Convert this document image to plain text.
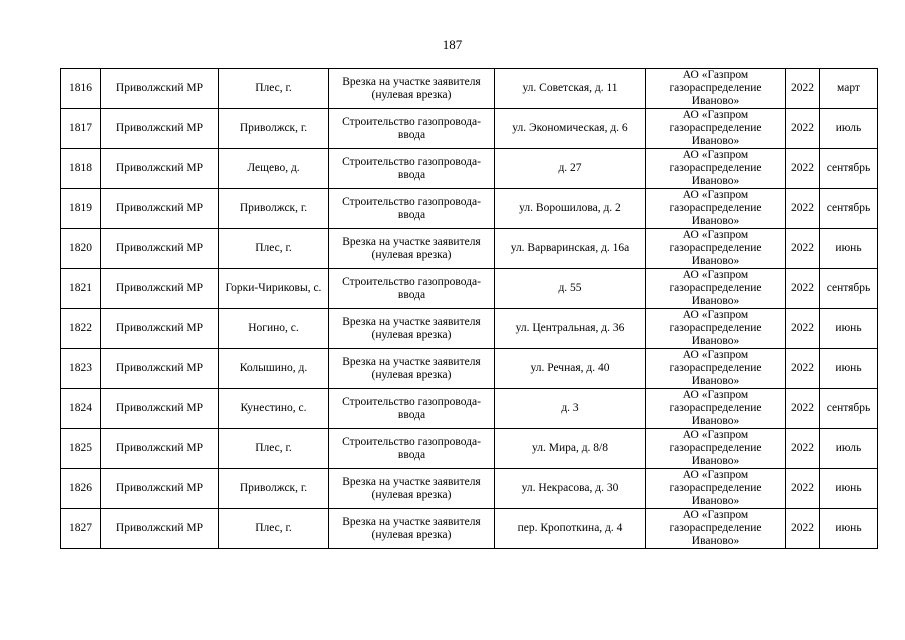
187
1816	Приволжский МР	Плес, г.	Врезка на участке заявителя (нулевая врезка)	ул. Советская, д. 11	АО «Газпром газораспределение Иваново»	2022	март
1817	Приволжский МР	Приволжск, г.	Строительство газопровода-ввода	ул. Экономическая, д. 6	АО «Газпром газораспределение Иваново»	2022	июль
1818	Приволжский МР	Лещево, д.	Строительство газопровода-ввода	д. 27	АО «Газпром газораспределение Иваново»	2022	сентябрь
1819	Приволжский МР	Приволжск, г.	Строительство газопровода-ввода	ул. Ворошилова, д. 2	АО «Газпром газораспределение Иваново»	2022	сентябрь
1820	Приволжский МР	Плес, г.	Врезка на участке заявителя (нулевая врезка)	ул. Варваринская, д. 16а	АО «Газпром газораспределение Иваново»	2022	июнь
1821	Приволжский МР	Горки-Чириковы, с.	Строительство газопровода-ввода	д. 55	АО «Газпром газораспределение Иваново»	2022	сентябрь
1822	Приволжский МР	Ногино, с.	Врезка на участке заявителя (нулевая врезка)	ул. Центральная, д. 36	АО «Газпром газораспределение Иваново»	2022	июнь
1823	Приволжский МР	Колышино, д.	Врезка на участке заявителя (нулевая врезка)	ул. Речная, д. 40	АО «Газпром газораспределение Иваново»	2022	июнь
1824	Приволжский МР	Кунестино, с.	Строительство газопровода-ввода	д. 3	АО «Газпром газораспределение Иваново»	2022	сентябрь
1825	Приволжский МР	Плес, г.	Строительство газопровода-ввода	ул. Мира, д. 8/8	АО «Газпром газораспределение Иваново»	2022	июль
1826	Приволжский МР	Приволжск, г.	Врезка на участке заявителя (нулевая врезка)	ул. Некрасова, д. 30	АО «Газпром газораспределение Иваново»	2022	июнь
1827	Приволжский МР	Плес, г.	Врезка на участке заявителя (нулевая врезка)	пер. Кропоткина, д. 4	АО «Газпром газораспределение Иваново»	2022	июнь
